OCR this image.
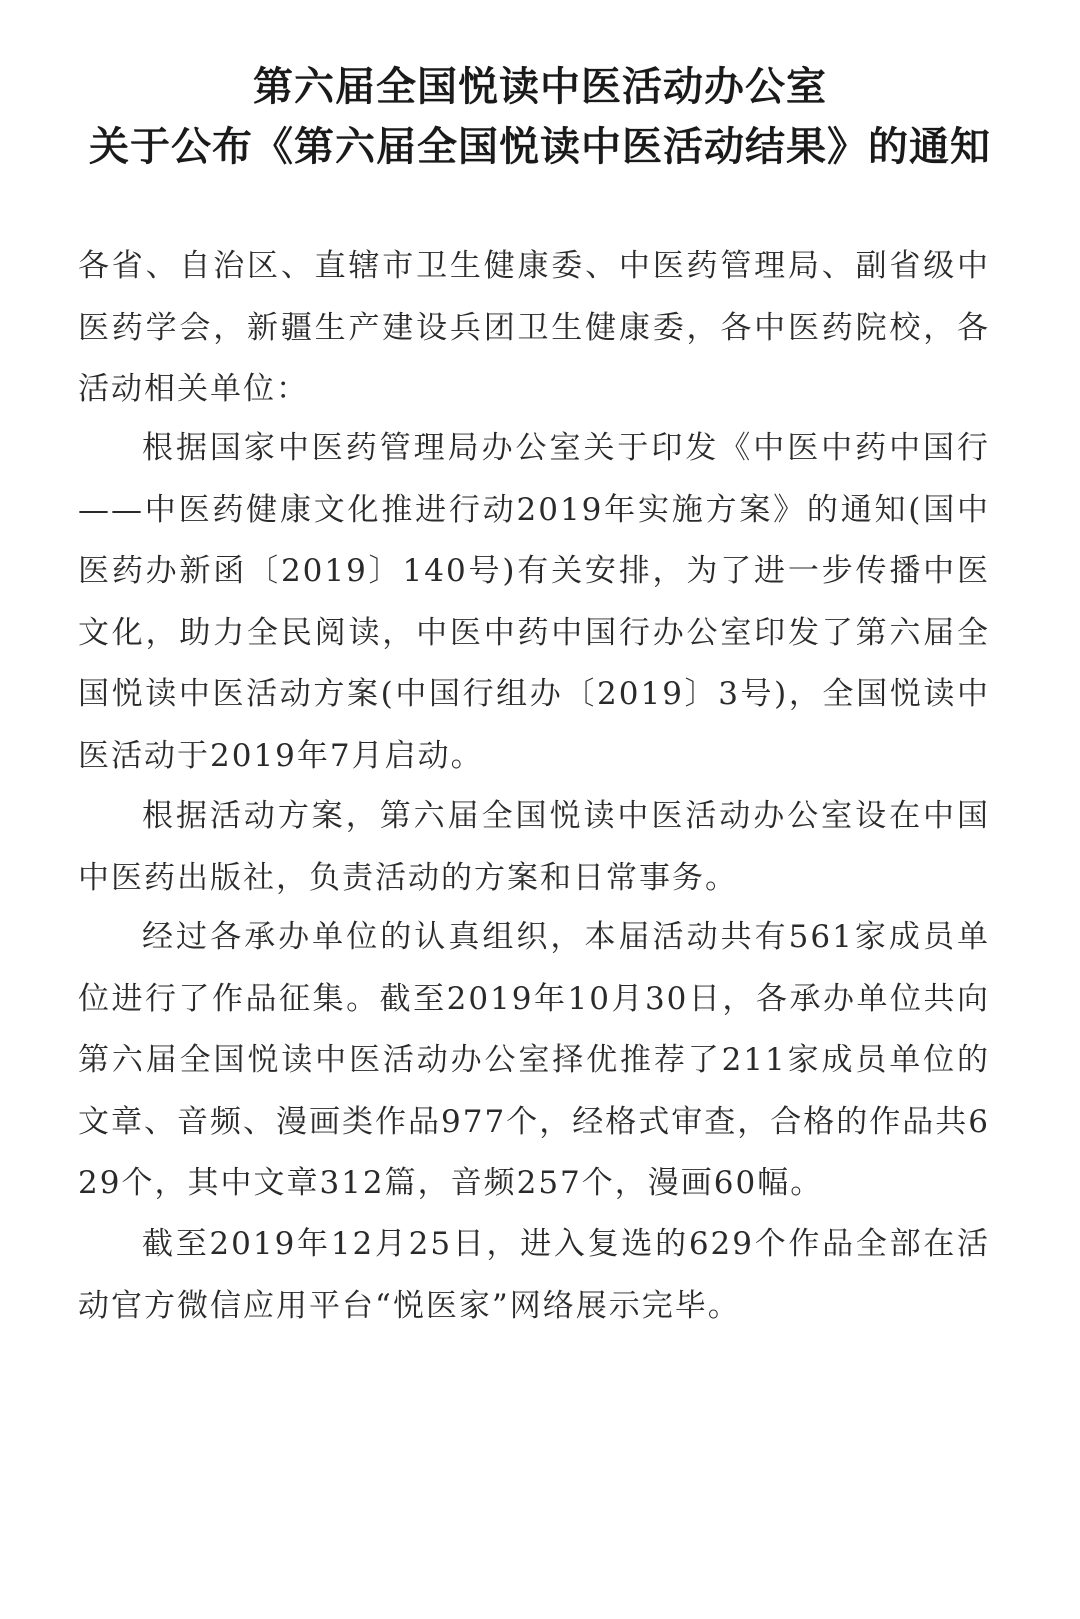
第六届全国悦读中医活动办公室
关于公布《第六届全国悦读中医活动结果》的通知

各省、自治区、直辖市卫生健康委、中医药管理局、副省级中医药学会，新疆生产建设兵团卫生健康委，各中医药院校，各活动相关单位：

根据国家中医药管理局办公室关于印发《中医中药中国行——中医药健康文化推进行动2019年实施方案》的通知(国中医药办新函〔2019〕140号)有关安排，为了进一步传播中医文化，助力全民阅读，中医中药中国行办公室印发了第六届全国悦读中医活动方案(中国行组办〔2019〕3号)，全国悦读中医活动于2019年7月启动。

根据活动方案，第六届全国悦读中医活动办公室设在中国中医药出版社，负责活动的方案和日常事务。

经过各承办单位的认真组织，本届活动共有561家成员单位进行了作品征集。截至2019年10月30日，各承办单位共向第六届全国悦读中医活动办公室择优推荐了211家成员单位的文章、音频、漫画类作品977个，经格式审查，合格的作品共629个，其中文章312篇，音频257个，漫画60幅。

截至2019年12月25日，进入复选的629个作品全部在活动官方微信应用平台“悦医家”网络展示完毕。
